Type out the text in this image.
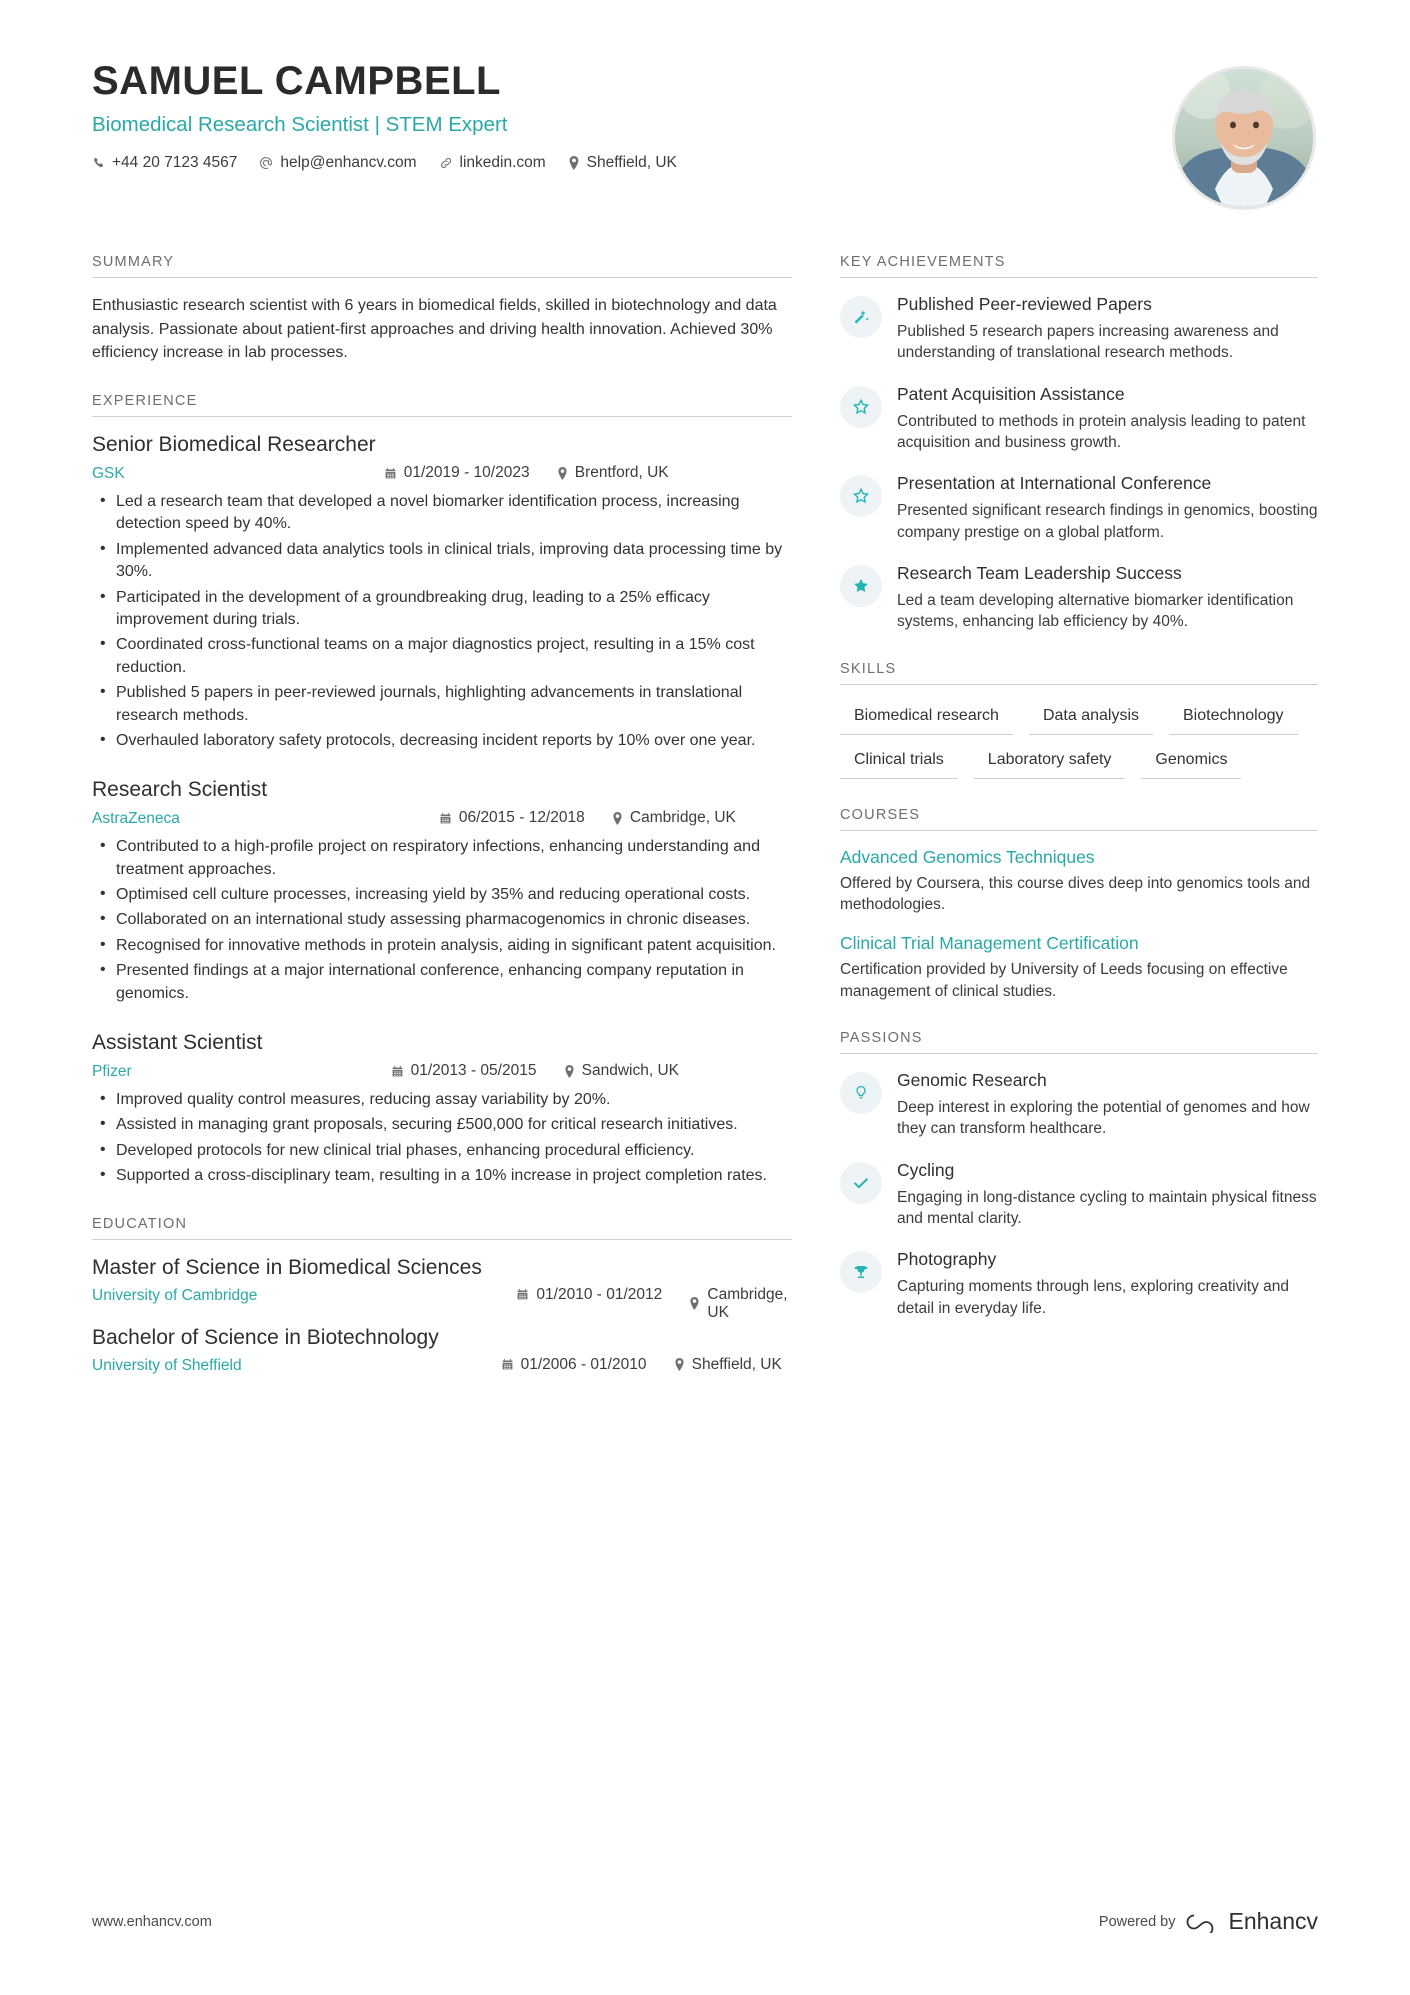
SAMUEL CAMPBELL
Biomedical Research Scientist | STEM Expert
+44 20 7123 4567	help@enhancv.com	linkedin.com	Sheffield, UK
SUMMARY
Enthusiastic research scientist with 6 years in biomedical fields, skilled in biotechnology and data analysis. Passionate about patient-first approaches and driving health innovation. Achieved 30% efficiency increase in lab processes.
EXPERIENCE
Senior Biomedical Researcher
GSK	01/2019 - 10/2023	Brentford, UK
• Led a research team that developed a novel biomarker identification process, increasing detection speed by 40%.
• Implemented advanced data analytics tools in clinical trials, improving data processing time by 30%.
• Participated in the development of a groundbreaking drug, leading to a 25% efficacy improvement during trials.
• Coordinated cross-functional teams on a major diagnostics project, resulting in a 15% cost reduction.
• Published 5 papers in peer-reviewed journals, highlighting advancements in translational research methods.
• Overhauled laboratory safety protocols, decreasing incident reports by 10% over one year.
Research Scientist
AstraZeneca	06/2015 - 12/2018	Cambridge, UK
• Contributed to a high-profile project on respiratory infections, enhancing understanding and treatment approaches.
• Optimised cell culture processes, increasing yield by 35% and reducing operational costs.
• Collaborated on an international study assessing pharmacogenomics in chronic diseases.
• Recognised for innovative methods in protein analysis, aiding in significant patent acquisition.
• Presented findings at a major international conference, enhancing company reputation in genomics.
Assistant Scientist
Pfizer	01/2013 - 05/2015	Sandwich, UK
• Improved quality control measures, reducing assay variability by 20%.
• Assisted in managing grant proposals, securing £500,000 for critical research initiatives.
• Developed protocols for new clinical trial phases, enhancing procedural efficiency.
• Supported a cross-disciplinary team, resulting in a 10% increase in project completion rates.
EDUCATION
Master of Science in Biomedical Sciences
University of Cambridge	01/2010 - 01/2012	Cambridge, UK
Bachelor of Science in Biotechnology
University of Sheffield	01/2006 - 01/2010	Sheffield, UK
KEY ACHIEVEMENTS
Published Peer-reviewed Papers
Published 5 research papers increasing awareness and understanding of translational research methods.
Patent Acquisition Assistance
Contributed to methods in protein analysis leading to patent acquisition and business growth.
Presentation at International Conference
Presented significant research findings in genomics, boosting company prestige on a global platform.
Research Team Leadership Success
Led a team developing alternative biomarker identification systems, enhancing lab efficiency by 40%.
SKILLS
Biomedical research	Data analysis	Biotechnology
Clinical trials	Laboratory safety	Genomics
COURSES
Advanced Genomics Techniques
Offered by Coursera, this course dives deep into genomics tools and methodologies.
Clinical Trial Management Certification
Certification provided by University of Leeds focusing on effective management of clinical studies.
PASSIONS
Genomic Research
Deep interest in exploring the potential of genomes and how they can transform healthcare.
Cycling
Engaging in long-distance cycling to maintain physical fitness and mental clarity.
Photography
Capturing moments through lens, exploring creativity and detail in everyday life.
www.enhancv.com	Powered by Enhancv
